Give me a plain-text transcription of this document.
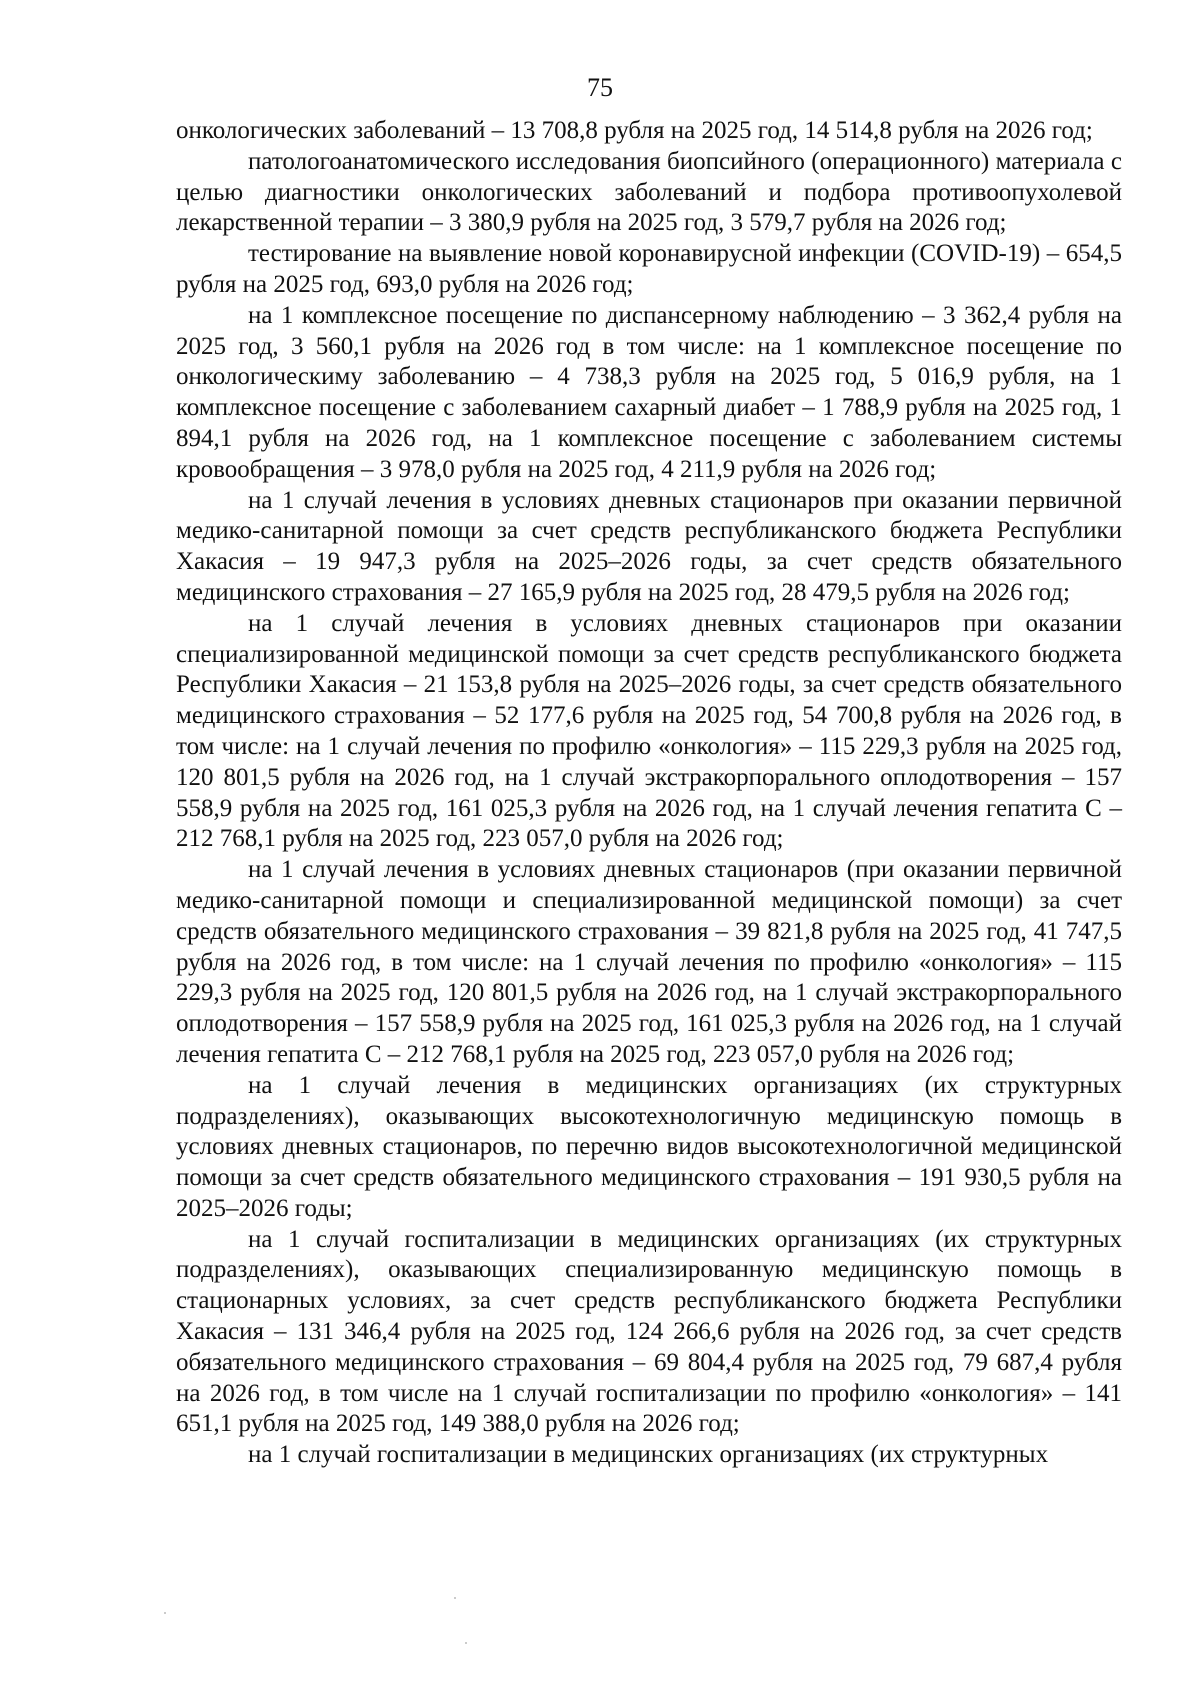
75

онкологических заболеваний – 13 708,8 рубля на 2025 год, 14 514,8 рубля на 2026 год;

патологоанатомического исследования биопсийного (операционного) материала с целью диагностики онкологических заболеваний и подбора противоопухолевой лекарственной терапии – 3 380,9 рубля на 2025 год, 3 579,7 рубля на 2026 год;

тестирование на выявление новой коронавирусной инфекции (COVID-19) – 654,5 рубля на 2025 год, 693,0 рубля на 2026 год;

на 1 комплексное посещение по диспансерному наблюдению – 3 362,4 рубля на 2025 год, 3 560,1 рубля на 2026 год в том числе: на 1 комплексное посещение по онкологическиму заболеванию – 4 738,3 рубля на 2025 год, 5 016,9 рубля, на 1 комплексное посещение с заболеванием сахарный диабет – 1 788,9 рубля на 2025 год, 1 894,1 рубля на 2026 год, на 1 комплексное посещение с заболеванием системы кровообращения – 3 978,0 рубля на 2025 год, 4 211,9 рубля на 2026 год;

на 1 случай лечения в условиях дневных стационаров при оказании первичной медико-санитарной помощи за счет средств республиканского бюджета Республики Хакасия – 19 947,3 рубля на 2025–2026 годы, за счет средств обязательного медицинского страхования – 27 165,9 рубля на 2025 год, 28 479,5 рубля на 2026 год;

на 1 случай лечения в условиях дневных стационаров при оказании специализированной медицинской помощи за счет средств республиканского бюджета Республики Хакасия – 21 153,8 рубля на 2025–2026 годы, за счет средств обязательного медицинского страхования – 52 177,6 рубля на 2025 год, 54 700,8 рубля на 2026 год, в том числе: на 1 случай лечения по профилю «онкология» – 115 229,3 рубля на 2025 год, 120 801,5 рубля на 2026 год, на 1 случай экстракорпорального оплодотворения – 157 558,9 рубля на 2025 год, 161 025,3 рубля на 2026 год, на 1 случай лечения гепатита С – 212 768,1 рубля на 2025 год, 223 057,0 рубля на 2026 год;

на 1 случай лечения в условиях дневных стационаров (при оказании первичной медико-санитарной помощи и специализированной медицинской помощи) за счет средств обязательного медицинского страхования – 39 821,8 рубля на 2025 год, 41 747,5 рубля на 2026 год, в том числе: на 1 случай лечения по профилю «онкология» – 115 229,3 рубля на 2025 год, 120 801,5 рубля на 2026 год, на 1 случай экстракорпорального оплодотворения – 157 558,9 рубля на 2025 год, 161 025,3 рубля на 2026 год, на 1 случай лечения гепатита С – 212 768,1 рубля на 2025 год, 223 057,0 рубля на 2026 год;

на 1 случай лечения в медицинских организациях (их структурных подразделениях), оказывающих высокотехнологичную медицинскую помощь в условиях дневных стационаров, по перечню видов высокотехнологичной медицинской помощи за счет средств обязательного медицинского страхования – 191 930,5 рубля на 2025–2026 годы;

на 1 случай госпитализации в медицинских организациях (их структурных подразделениях), оказывающих специализированную медицинскую помощь в стационарных условиях, за счет средств республиканского бюджета Республики Хакасия – 131 346,4 рубля на 2025 год, 124 266,6 рубля на 2026 год, за счет средств обязательного медицинского страхования – 69 804,4 рубля на 2025 год, 79 687,4 рубля на 2026 год, в том числе на 1 случай госпитализации по профилю «онкология» – 141 651,1 рубля на 2025 год, 149 388,0 рубля на 2026 год;

на 1 случай госпитализации в медицинских организациях (их структурных
